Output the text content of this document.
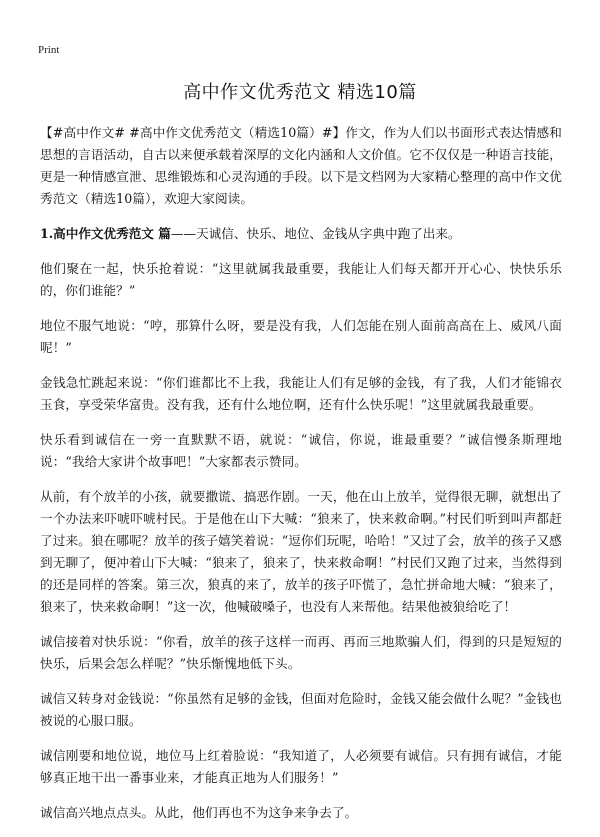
Print
高中作文优秀范文 精选10篇

【#高中作文# #高中作文优秀范文（精选10篇）#】作文，作为人们以书面形式表达情感和思想的言语活动，自古以来便承载着深厚的文化内涵和人文价值。它不仅仅是一种语言技能，更是一种情感宣泄、思维锻炼和心灵沟通的手段。以下是文档网为大家精心整理的高中作文优秀范文（精选10篇），欢迎大家阅读。

1.高中作文优秀范文 篇——天诚信、快乐、地位、金钱从字典中跑了出来。

他们聚在一起，快乐抢着说：“这里就属我最重要，我能让人们每天都开开心心、快快乐乐的，你们谁能？”

地位不服气地说：“哼，那算什么呀，要是没有我，人们怎能在别人面前高高在上、威风八面呢！”

金钱急忙跳起来说：“你们谁都比不上我，我能让人们有足够的金钱，有了我，人们才能锦衣玉食，享受荣华富贵。没有我，还有什么地位啊，还有什么快乐呢！”这里就属我最重要。

快乐看到诚信在一旁一直默默不语，就说：“诚信，你说，谁最重要？”诚信慢条斯理地说：“我给大家讲个故事吧！”大家都表示赞同。

从前，有个放羊的小孩，就要撒谎、搞恶作剧。一天，他在山上放羊，觉得很无聊，就想出了一个办法来吓唬吓唬村民。于是他在山下大喊：“狼来了，快来救命啊。”村民们听到叫声都赶了过来。狼在哪呢？放羊的孩子嬉笑着说：“逗你们玩呢，哈哈！”又过了会，放羊的孩子又感到无聊了，便冲着山下大喊：“狼来了，狼来了，快来救命啊！”村民们又跑了过来，当然得到的还是同样的答案。第三次，狼真的来了，放羊的孩子吓慌了，急忙拼命地大喊：“狼来了，狼来了，快来救命啊！”这一次，他喊破嗓子，也没有人来帮他。结果他被狼给吃了！

诚信接着对快乐说：“你看，放羊的孩子这样一而再、再而三地欺骗人们，得到的只是短短的快乐，后果会怎么样呢？”快乐惭愧地低下头。

诚信又转身对金钱说：“你虽然有足够的金钱，但面对危险时，金钱又能会做什么呢？”金钱也被说的心服口服。

诚信刚要和地位说，地位马上红着脸说：“我知道了，人必须要有诚信。只有拥有诚信，才能够真正地干出一番事业来，才能真正地为人们服务！”

诚信高兴地点点头。从此，他们再也不为这争来争去了。
